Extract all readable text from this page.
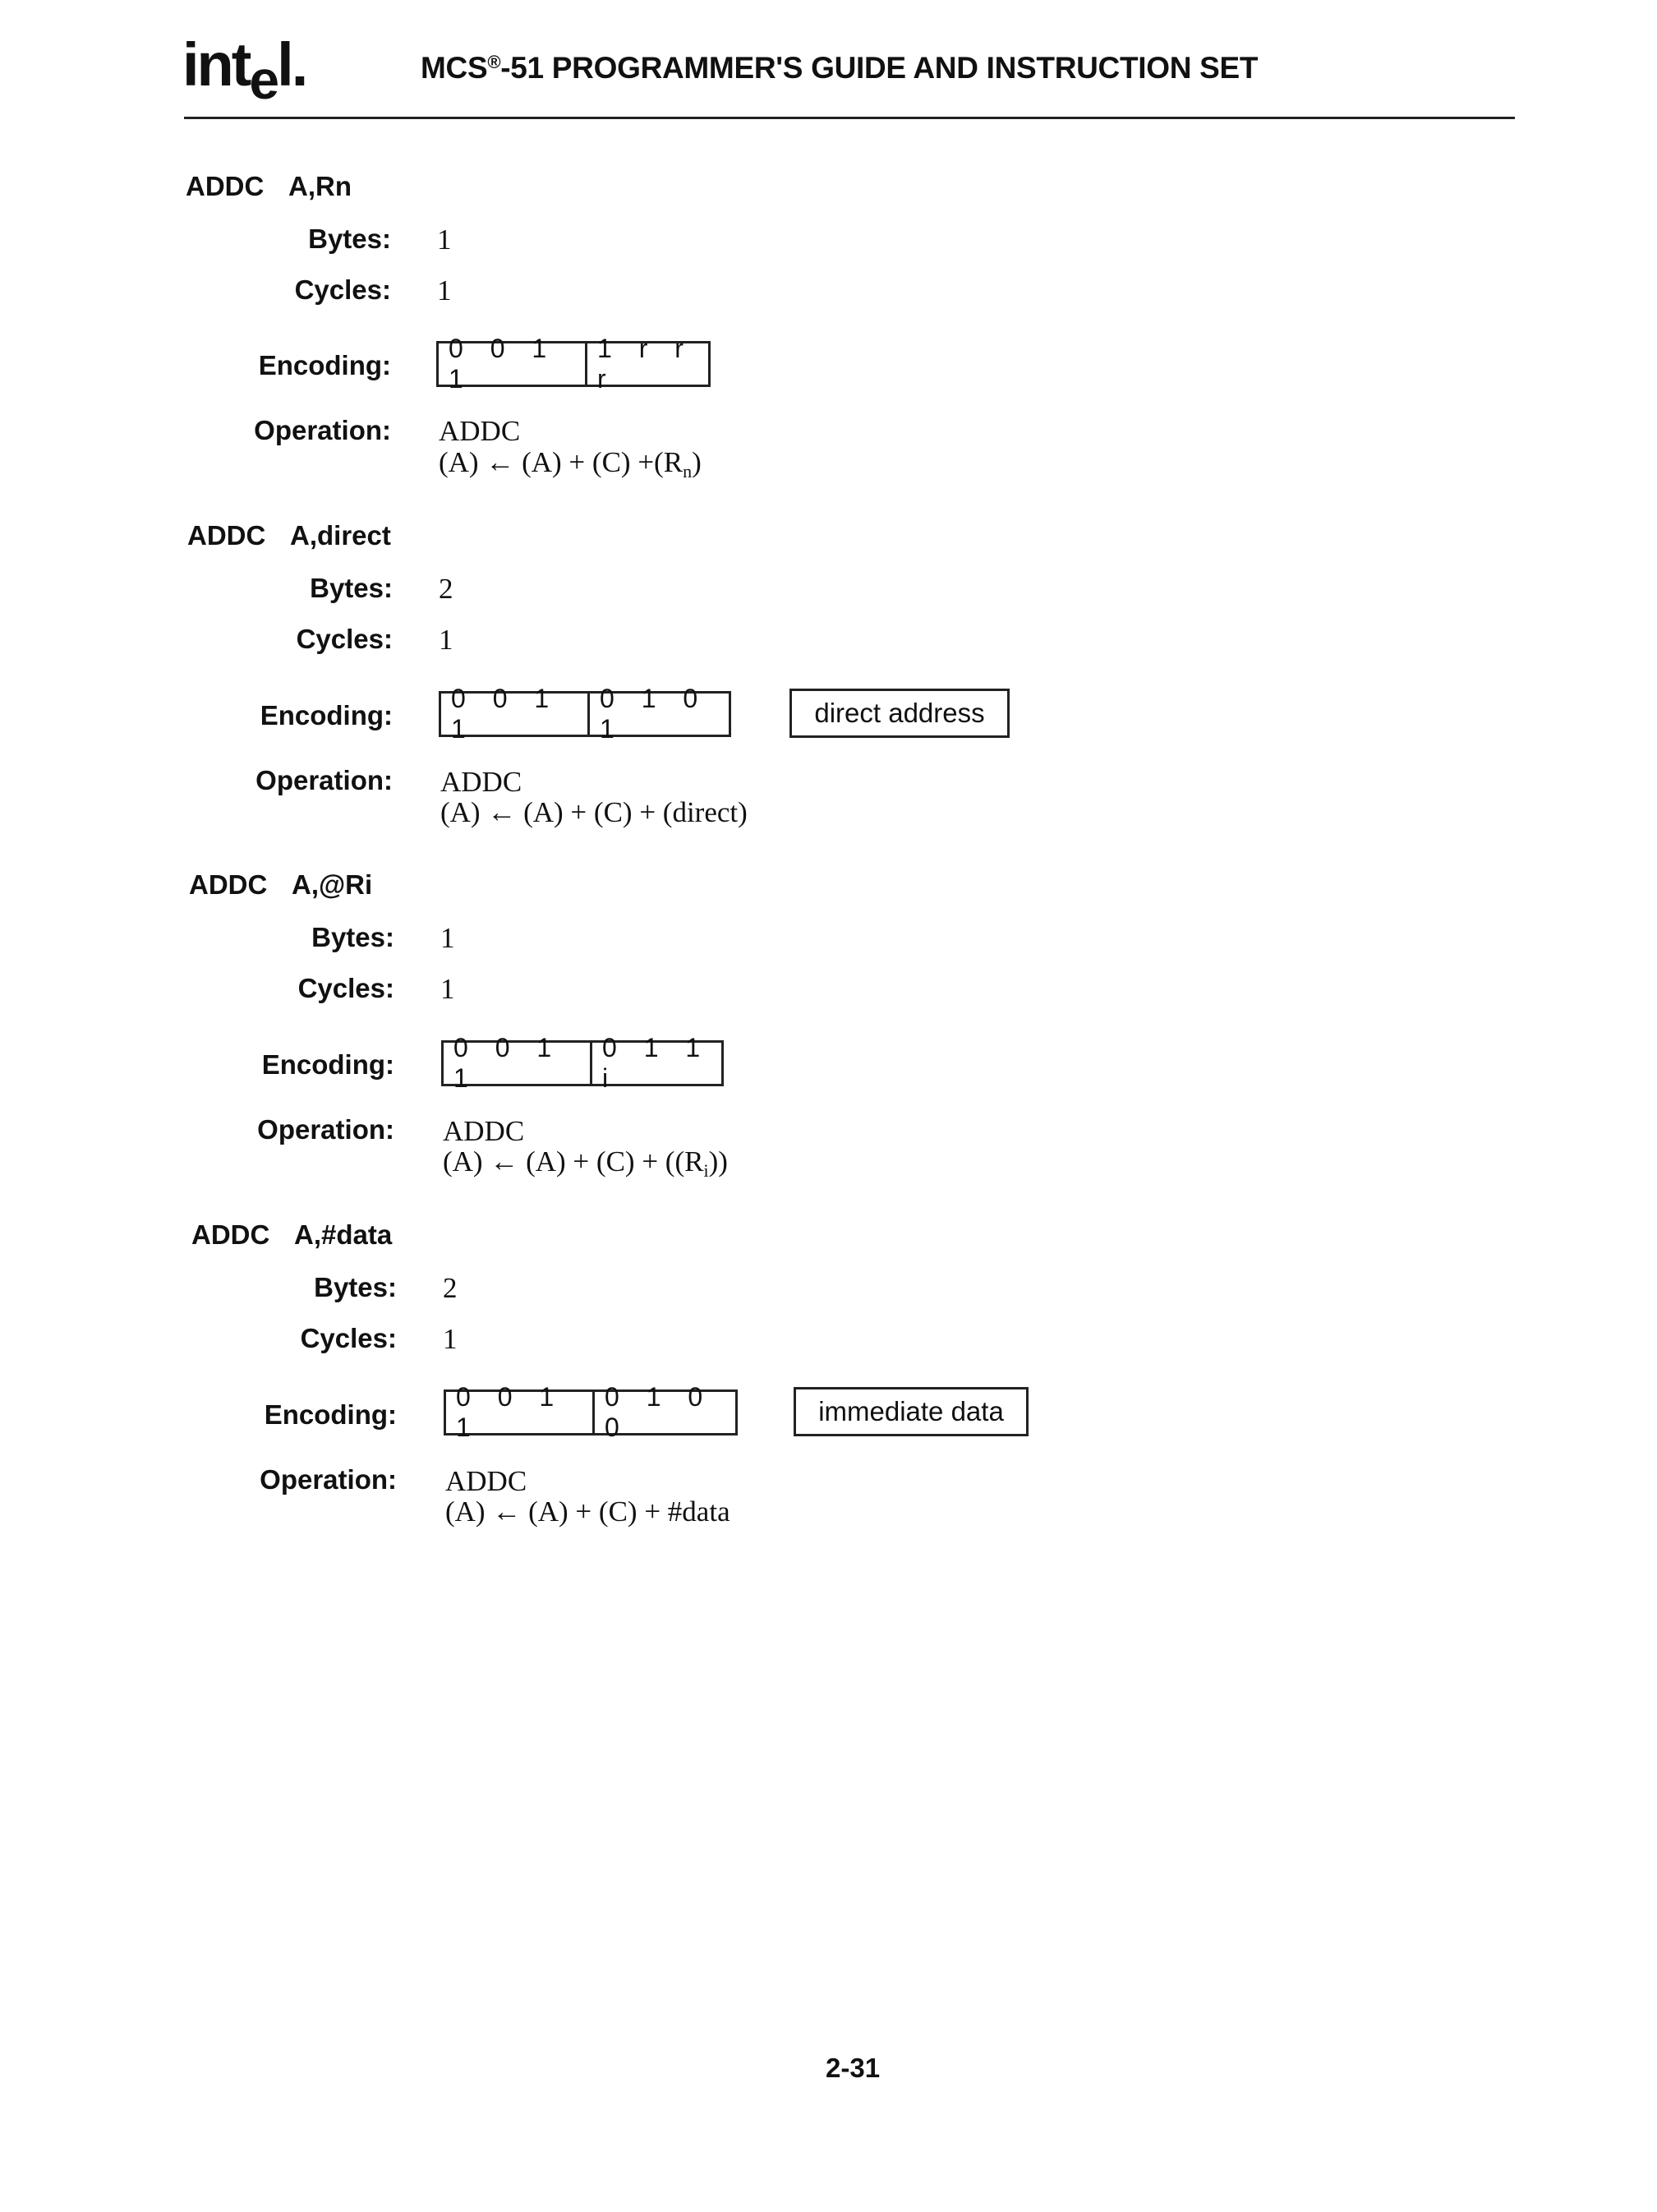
intel.	MCS®-51 PROGRAMMER'S GUIDE AND INSTRUCTION SET
ADDC A,Rn
Bytes: 1
Cycles: 1
Encoding:
0 0 1 1
1 r r r
Operation: ADDC
(A) ← $(A) + (C) +(R_n)$
ADDC A,direct
Bytes: 2
Cycles: 1
Encoding:
0 0 1 1
0 1 0 1
direct address
Operation: ADDC
(A) ← (A) + (C) + (direct)
ADDC A,@Ri
Bytes: 1
Cycles: 1
Encoding:
0 0 1 1
0 1 1 i
Operation: ADDC
(A) ← $(A) + (C) + ((R_i))$
ADDC A,#data
Bytes: 2
Cycles: 1
Encoding:
0 0 1 1
0 1 0 0
immediate data
Operation: ADDC
(A) ← (A) + (C) + #data
2-31
